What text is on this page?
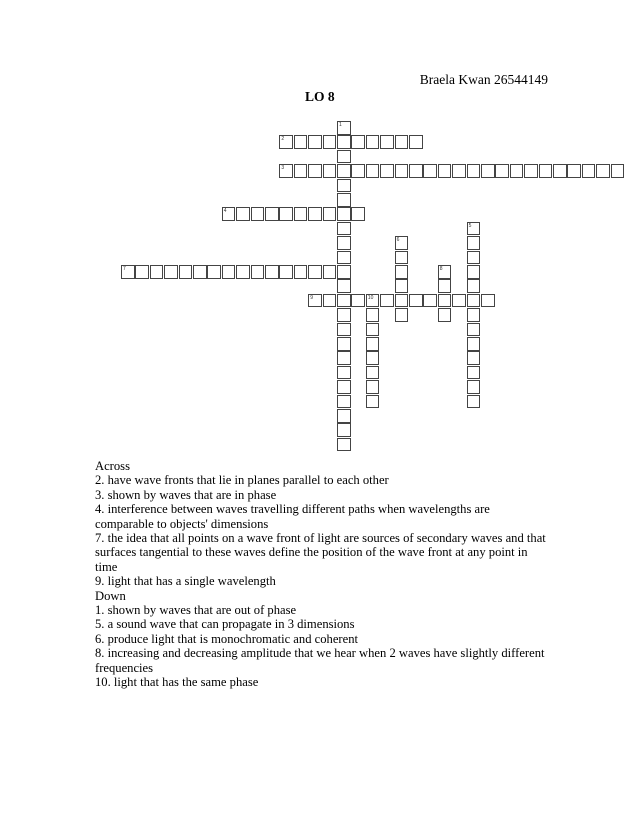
Braela Kwan 26544149
LO 8
1
2
3
4
5
6
7	8
9	10

Across

2. have wave fronts that lie in planes parallel to each other

3. shown by waves that are in phase

4. interference between waves travelling different paths when wavelengths are comparable to objects' dimensions

7. the idea that all points on a wave front of light are sources of secondary waves and that surfaces tangential to these waves define the position of the wave front at any point in time

9. light that has a single wavelength

Down

1. shown by waves that are out of phase

5. a sound wave that can propagate in 3 dimensions

6. produce light that is monochromatic and coherent

8. increasing and decreasing amplitude that we hear when 2 waves have slightly different frequencies

10. light that has the same phase
